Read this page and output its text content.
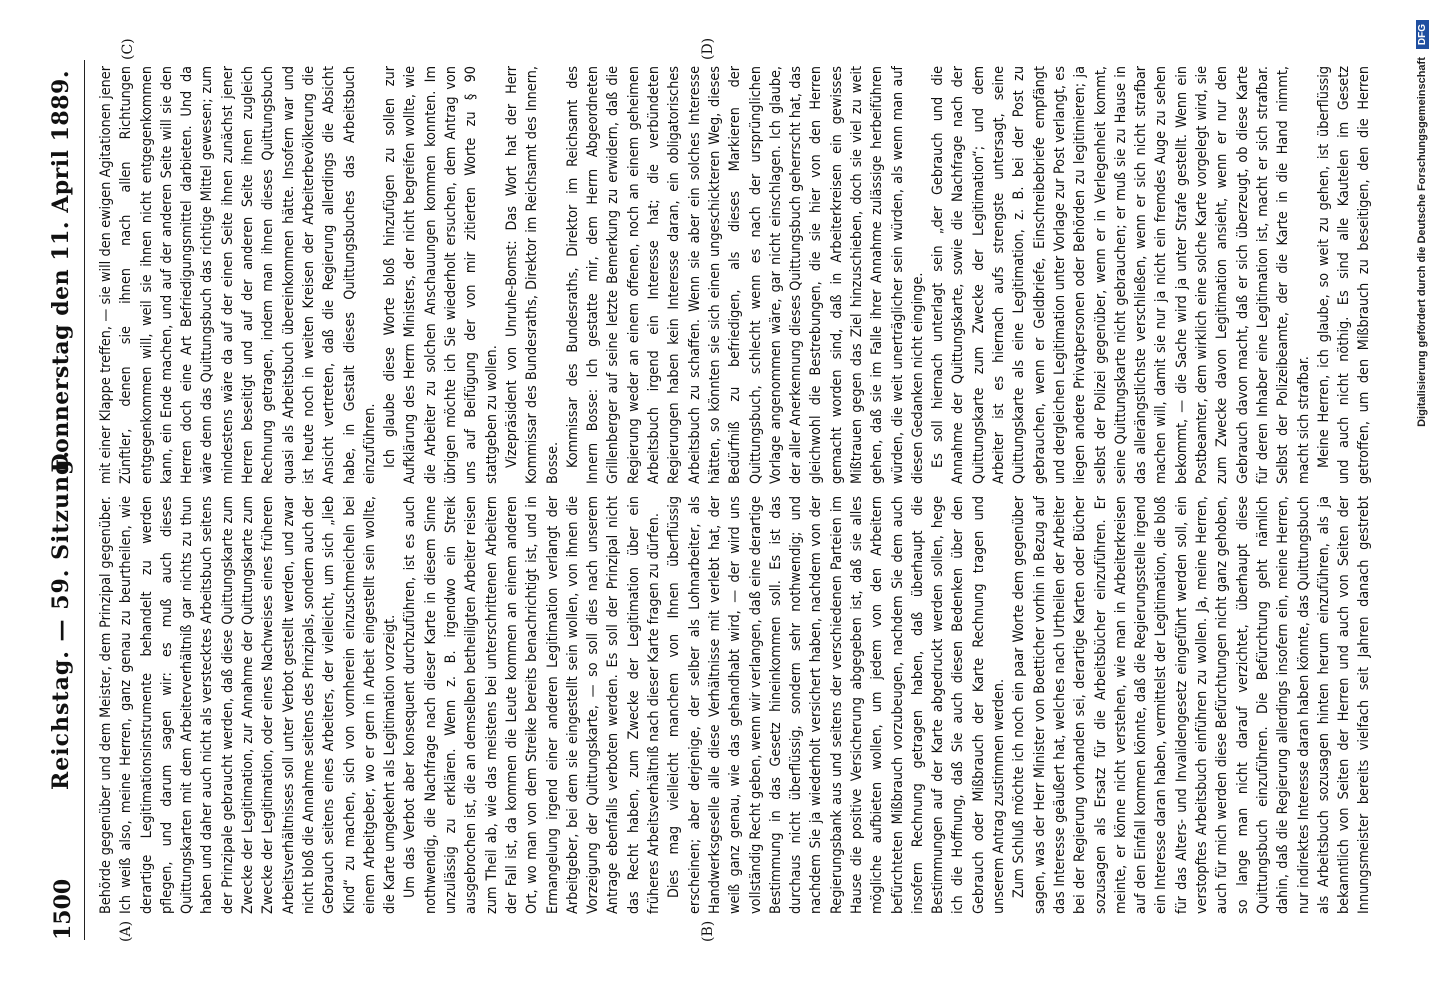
1500
Reichstag. — 59. Sitzung.
Donnerstag den 11. April 1889.
(A)	(B)
(C)	(D)

Behörde gegenüber und dem Meister, dem Prinzipal gegenüber. Ich weiß also, meine Herren, ganz genau zu beurtheilen, wie derartige Legitimationsinstrumente behandelt zu werden pflegen, und darum sagen wir: es muß auch dieses Quittungskarten mit dem Arbeiterverhältniß gar nichts zu thun haben und daher auch nicht als verstecktes Arbeitsbuch seitens der Prinzipale gebraucht werden, daß diese Quittungskarte zum Zwecke der Legitimation, zur Annahme der Quittungskarte zum Zwecke der Legitimation, oder eines Nachweises eines früheren Arbeitsverhältnisses soll unter Verbot gestellt werden, und zwar nicht bloß die Annahme seitens des Prinzipals, sondern auch der Gebrauch seitens eines Arbeiters, der vielleicht, um sich „lieb Kind“ zu machen, sich von vornherein einzuschmeicheln bei einem Arbeitgeber, wo er gern in Arbeit eingestellt sein wollte, die Karte umgekehrt als Legitimation vorzeigt. Um das Verbot aber konsequent durchzuführen, ist es auch nothwendig, die Nachfrage nach dieser Karte in diesem Sinne unzulässig zu erklären. Wenn z. B. irgendwo ein Streik ausgebrochen ist, die an demselben betheiligten Arbeiter reisen zum Theil ab, wie das meistens bei unterschrittenen Arbeitern der Fall ist, da kommen die Leute kommen an einem anderen Ort, wo man von dem Streike bereits benachrichtigt ist, und in Ermangelung irgend einer anderen Legitimation verlangt der Arbeitgeber, bei dem sie eingestellt sein wollen, von ihnen die Vorzeigung der Quittungskarte, — so soll dies nach unserem Antrage ebenfalls verboten werden. Es soll der Prinzipal nicht das Recht haben, zum Zwecke der Legitimation über ein früheres Arbeitsverhältniß nach dieser Karte fragen zu dürfen. Dies mag vielleicht manchem von Ihnen überflüssig erscheinen; aber derjenige, der selber als Lohnarbeiter, als Handwerksgeselle alle diese Verhältnisse mit verlebt hat, der weiß ganz genau, wie das gehandhabt wird, — der wird uns vollständig Recht geben, wenn wir verlangen, daß eine derartige Bestimmung in das Gesetz hineinkommen soll. Es ist das durchaus nicht überflüssig, sondern sehr nothwendig; und nachdem Sie ja wiederholt versichert haben, nachdem von der Regierungsbank aus und seitens der verschiedenen Parteien im Hause die positive Versicherung abgegeben ist, daß sie alles mögliche aufbieten wollen, um jedem von den Arbeitern befürchteten Mißbrauch vorzubeugen, nachdem Sie dem auch insofern Rechnung getragen haben, daß überhaupt die Bestimmungen auf der Karte abgedruckt werden sollen, hege ich die Hoffnung, daß Sie auch diesen Bedenken über den Gebrauch oder Mißbrauch der Karte Rechnung tragen und unserem Antrag zustimmen werden. Zum Schluß möchte ich noch ein paar Worte dem gegenüber sagen, was der Herr Minister von Boetticher vorhin in Bezug auf das Interesse geäußert hat, welches nach Urtheilen der Arbeiter bei der Regierung vorhanden sei, derartige Karten oder Bücher sozusagen als Ersatz für die Arbeitsbücher einzuführen. Er meinte, er könne nicht verstehen, wie man in Arbeiterkreisen auf den Einfall kommen könnte, daß die Regierungsstelle irgend ein Interesse daran haben, vermittelst der Legitimation, die bloß für das Alters- und Invalidengesetz eingeführt werden soll, ein verstopftes Arbeitsbuch einführen zu wollen. Ja, meine Herren, auch für mich werden diese Befürchtungen nicht ganz gehoben, so lange man nicht darauf verzichtet, überhaupt diese Quittungsbuch einzuführen. Die Befürchtung geht nämlich dahin, daß die Regierung allerdings insofern ein, meine Herren, nur indirektes Interesse daran haben könnte, das Quittungsbuch als Arbeitsbuch sozusagen hinten herum einzuführen, als ja bekanntlich von Seiten der Herren und auch von Seiten der Innungsmeister bereits vielfach seit Jahren danach gestrebt

mit einer Klappe treffen, — sie will den ewigen Agitationen jener Zünftler, denen sie ihnen nach allen Richtungen entgegenkommen will, weil sie ihnen nicht entgegenkommen kann, ein Ende machen, und auf der anderen Seite will sie den Herren doch eine Art Befriedigungsmittel darbieten. Und da wäre denn das Quittungsbuch das richtige Mittel gewesen; zum mindestens wäre da auf der einen Seite ihnen zunächst jener Herren beseitigt und auf der anderen Seite ihnen zugleich Rechnung getragen, indem man ihnen dieses Quittungsbuch quasi als Arbeitsbuch übereinkommen hätte. Insofern war und ist heute noch in weiten Kreisen der Arbeiterbevölkerung die Ansicht vertreten, daß die Regierung allerdings die Absicht habe, in Gestalt dieses Quittungsbuches das Arbeitsbuch einzuführen. Ich glaube diese Worte bloß hinzufügen zu sollen zur Aufklärung des Herrn Ministers, der nicht begreifen wollte, wie die Arbeiter zu solchen Anschauungen kommen konnten. Im übrigen möchte ich Sie wiederholt ersuchen, dem Antrag von uns auf Beifügung der von mir zitierten Worte zu § 90 stattgeben zu wollen. Vizepräsident von Unruhe-Bomst: Das Wort hat der Herr Kommissar des Bundesraths, Direktor im Reichsamt des Innern, Bosse. Kommissar des Bundesraths, Direktor im Reichsamt des Innern Bosse: Ich gestatte mir, dem Herrn Abgeordneten Grillenberger auf seine letzte Bemerkung zu erwidern, daß die Regierung weder an einem offenen, noch an einem geheimen Arbeitsbuch irgend ein Interesse hat; die verbündeten Regierungen haben kein Interesse daran, ein obligatorisches Arbeitsbuch zu schaffen. Wenn sie aber ein solches Interesse hätten, so könnten sie sich einen ungeschickteren Weg, dieses Bedürfniß zu befriedigen, als dieses Markieren der Quittungsbuch, schlecht wenn es nach der ursprünglichen Vorlage angenommen wäre, gar nicht einschlagen. Ich glaube, der aller Anerkennung dieses Quittungsbuch geherrscht hat, das gleichwohl die Bestrebungen, die sie hier von den Herren gemacht worden sind, daß in Arbeiterkreisen ein gewisses Mißtrauen gegen das Ziel hinzuschieben, doch sie viel zu weit gehen, daß sie im Falle ihrer Annahme zulässige herbeiführen würden, die weit unerträglicher sein würden, als wenn man auf diesen Gedanken nicht einginge. Es soll hiernach unterlagt sein „der Gebrauch und die Annahme der Quittungskarte, sowie die Nachfrage nach der Quittungskarte zum Zwecke der Legitimation“; und dem Arbeiter ist es hiernach aufs strengste untersagt, seine Quittungskarte als eine Legitimation, z. B. bei der Post zu gebrauchen, wenn er Geldbriefe, Einschreibebriefe empfängt und dergleichen Legitimation unter Vorlage zur Post verlangt, es liegen andere Privatpersonen oder Behörden zu legitimieren; ja selbst der Polizei gegenüber, wenn er in Verlegenheit kommt, seine Quittungskarte nicht gebrauchen; er muß sie zu Hause in das allerängstlichste verschließen, wenn er sich nicht strafbar machen will, damit sie nur ja nicht ein fremdes Auge zu sehen bekommt, — die Sache wird ja unter Strafe gestellt. Wenn ein Postbeamter, dem wirklich eine solche Karte vorgelegt wird, sie zum Zwecke davon Legitimation ansieht, wenn er nur den Gebrauch davon macht, daß er sich überzeugt, ob diese Karte für deren Inhaber eine Legitimation ist, macht er sich strafbar. Selbst der Polizeibeamte, der die Karte in die Hand nimmt, macht sich strafbar. Meine Herren, ich glaube, so weit zu gehen, ist überflüssig und auch nicht nöthig. Es sind alle Kautelen im Gesetz getroffen, um den Mißbrauch zu beseitigen, den die Herren	Digitalisierung gefördert durch die Deutsche Forschungsgemeinschaft
DFG
